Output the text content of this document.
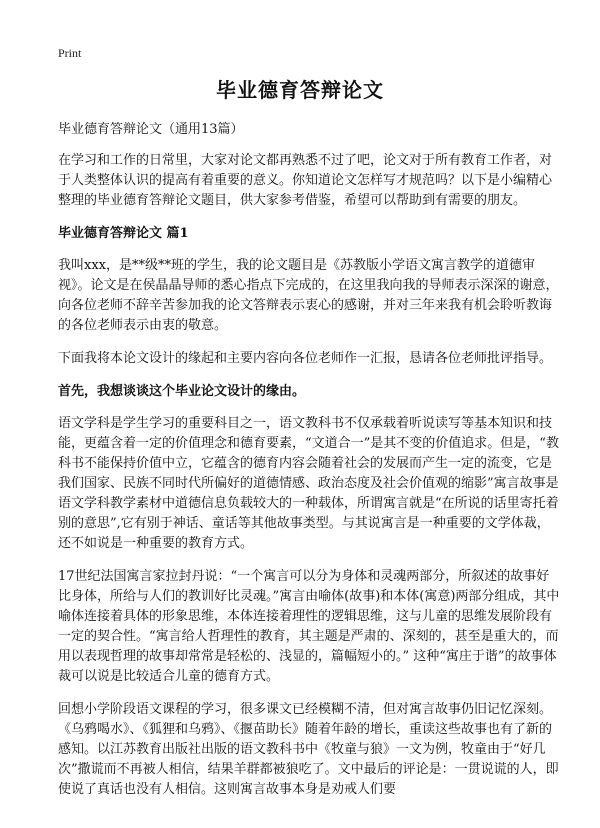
Print
毕业德育答辩论文

毕业德育答辩论文（通用13篇）

在学习和工作的日常里，大家对论文都再熟悉不过了吧，论文对于所有教育工作者，对于人类整体认识的提高有着重要的意义。你知道论文怎样写才规范吗？以下是小编精心整理的毕业德育答辩论文题目，供大家参考借鉴，希望可以帮助到有需要的朋友。

毕业德育答辩论文 篇1

我叫xxx，是**级**班的学生，我的论文题目是《苏教版小学语文寓言教学的道德审视》。论文是在侯晶晶导师的悉心指点下完成的，在这里我向我的导师表示深深的谢意，向各位老师不辞辛苦参加我的论文答辩表示衷心的感谢，并对三年来我有机会聆听教诲的各位老师表示由衷的敬意。

下面我将本论文设计的缘起和主要内容向各位老师作一汇报，恳请各位老师批评指导。

首先，我想谈谈这个毕业论文设计的缘由。

语文学科是学生学习的重要科目之一，语文教科书不仅承载着听说读写等基本知识和技能，更蕴含着一定的价值理念和德育要素，“文道合一”是其不变的价值追求。但是，“教科书不能保持价值中立，它蕴含的德育内容会随着社会的发展而产生一定的流变，它是我们国家、民族不同时代所偏好的道德情感、政治态度及社会价值观的缩影”寓言故事是语文学科教学素材中道德信息负载较大的一种载体，所谓寓言就是“在所说的话里寄托着别的意思”,它有别于神话、童话等其他故事类型。与其说寓言是一种重要的文学体裁，还不如说是一种重要的教育方式。

17世纪法国寓言家拉封丹说：“一个寓言可以分为身体和灵魂两部分，所叙述的故事好比身体，所给与人们的教训好比灵魂。”寓言由喻体(故事)和本体(寓意)两部分组成，其中喻体连接着具体的形象思维，本体连接着理性的逻辑思维，这与儿童的思维发展阶段有一定的契合性。“寓言给人哲理性的教育，其主题是严肃的、深刻的，甚至是重大的，而用以表现哲理的故事却常常是轻松的、浅显的，篇幅短小的。” 这种“寓庄于谐”的故事体裁可以说是比较适合儿童的德育方式。

回想小学阶段语文课程的学习，很多课文已经模糊不清，但对寓言故事仍旧记忆深刻。《乌鸦喝水》、《狐狸和乌鸦》、《揠苗助长》随着年龄的增长，重读这些故事也有了新的感知。以江苏教育出版社出版的语文教科书中《牧童与狼》一文为例，牧童由于“好几次”撒谎而不再被人相信，结果羊群都被狼吃了。文中最后的评论是：一贯说谎的人，即使说了真话也没有人相信。这则寓言故事本身是劝戒人们要
